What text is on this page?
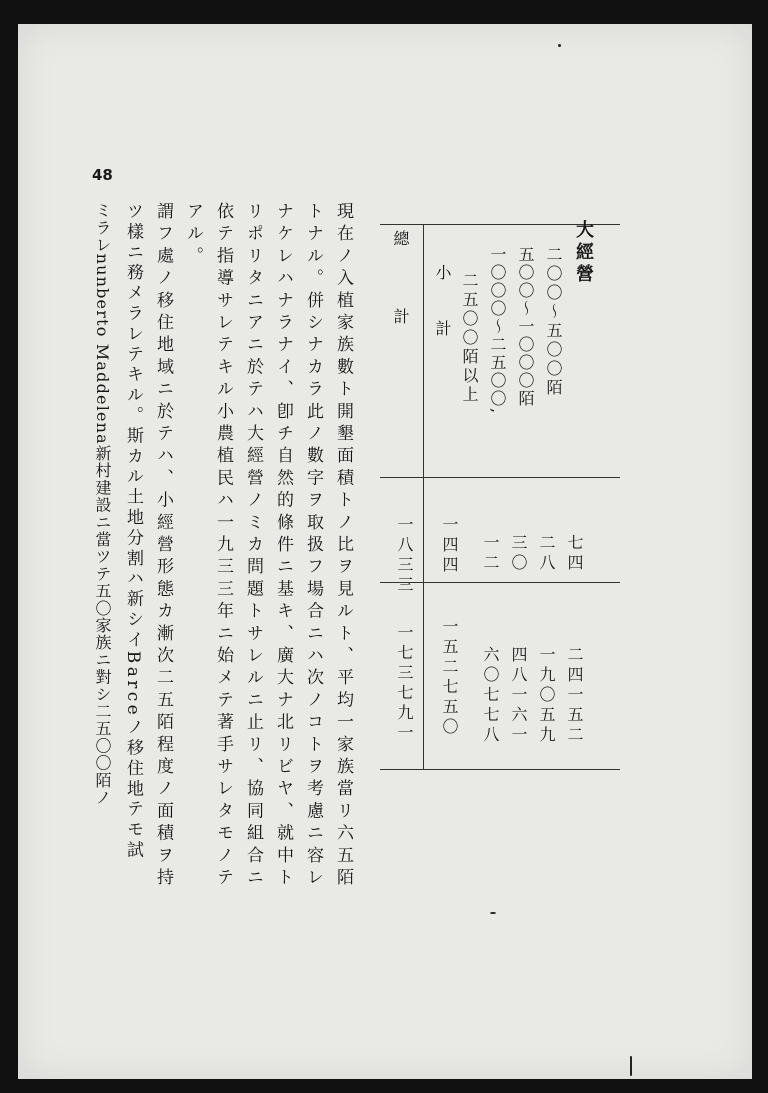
48
大經營
二〇〇〜五〇〇陌
五〇〇〜一〇〇〇陌
一〇〇〇〜二五〇〇,
二五〇〇陌以上
小　計
總　　計
七四
二八
三〇
一二
一四四
一八三三
二四一五二
一九〇五九
四八一六一
六〇七七八
一五二七五〇
一七三七九一
現在ノ入植家族數ト開墾面積トノ比ヲ見ルト、平均一家族當リ六五陌
トナル。併シナカラ此ノ數字ヲ取扱フ場合ニハ次ノコトヲ考慮ニ容レ
ナケレハナラナイ、卽チ自然的條件ニ基キ、廣大ナ北リビヤ、就中ト
リポリタニアニ於テハ大經營ノミカ問題トサレルニ止リ、協同組合ニ
依テ指導サレテキル小農植民ハ一九三三年ニ始メテ著手サレタモノテ
アル。
謂フ處ノ移住地域ニ於テハ、小經營形態カ漸次二五陌程度ノ面積ヲ持
ツ樣ニ務メラレテキル。斯カル土地分割ハ新シイBarceノ移住地テモ試
ミラレnunberto Maddelena新村建設ニ當ツテ五〇家族ニ對シ二五〇〇陌ノ
